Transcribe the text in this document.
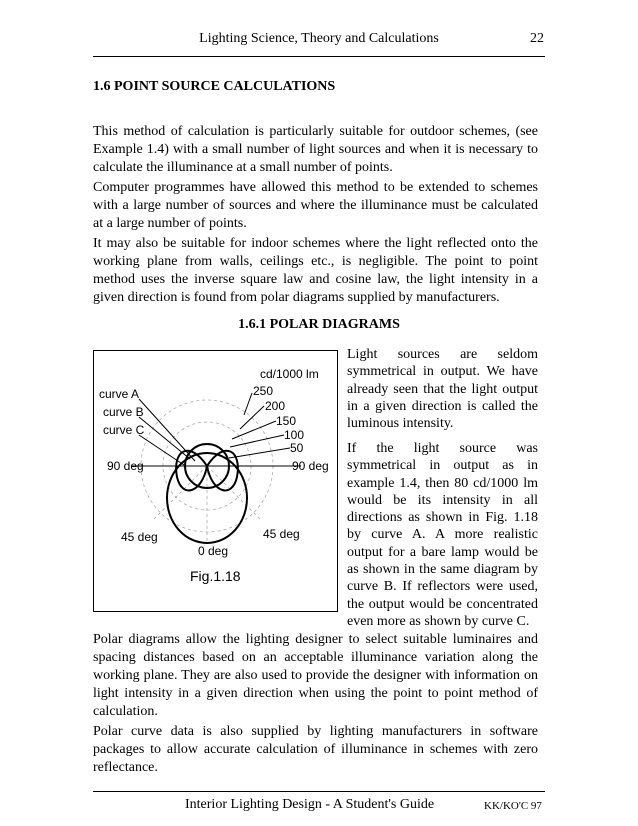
Lighting Science, Theory and Calculations	22
1.6 POINT SOURCE CALCULATIONS

This method of calculation is particularly suitable for outdoor schemes, (see Example 1.4) with a small number of light sources and when it is necessary to calculate the illuminance at a small number of points.

Computer programmes have allowed this method to be extended to schemes with a large number of sources and where the illuminance must be calculated at a large number of points.

It may also be suitable for indoor schemes where the light reflected onto the working plane from walls, ceilings etc., is negligible. The point to point method uses the inverse square law and cosine law, the light intensity in a given direction is found from polar diagrams supplied by manufacturers.

1.6.1 POLAR DIAGRAMS
cd/1000 lm
250
200
150
100
50
curve A
curve B
curve C
90 deg	90 deg
45 deg	45 deg
0 deg
Fig.1.18

Light sources are seldom symmetrical in output. We have already seen that the light output in a given direction is called the luminous intensity.

If the light source was symmetrical in output as in example 1.4, then 80 cd/1000 lm would be its intensity in all directions as shown in Fig. 1.18 by curve A. A more realistic output for a bare lamp would be as shown in the same diagram by curve B. If reflectors were used, the output would be concentrated even more as shown by curve C.

Polar diagrams allow the lighting designer to select suitable luminaires and spacing distances based on an acceptable illuminance variation along the working plane. They are also used to provide the designer with information on light intensity in a given direction when using the point to point method of calculation.

Polar curve data is also supplied by lighting manufacturers in software packages to allow accurate calculation of illuminance in schemes with zero reflectance.

Interior Lighting Design - A Student's Guide	KK/KO'C 97
